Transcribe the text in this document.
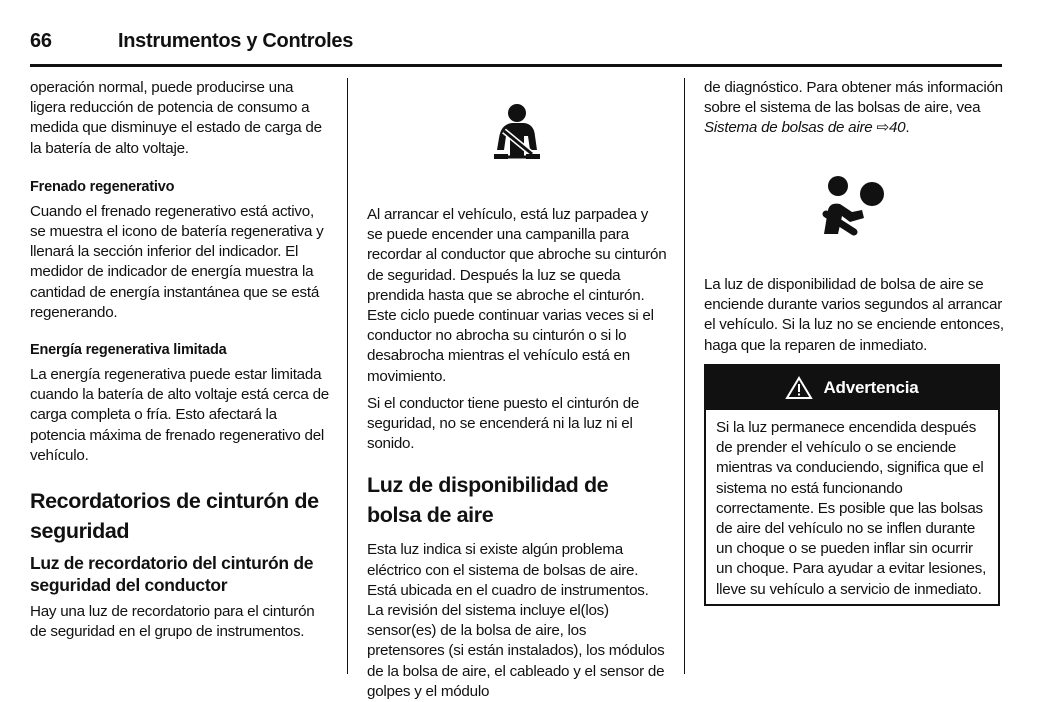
66	Instrumentos y Controles

operación normal, puede producirse una ligera reducción de potencia de consumo a medida que disminuye el estado de carga de la batería de alto voltaje.

Frenado regenerativo

Cuando el frenado regenerativo está activo, se muestra el icono de batería regenerativa y llenará la sección inferior del indicador. El medidor de indicador de energía muestra la cantidad de energía instantánea que se está regenerando.

Energía regenerativa limitada

La energía regenerativa puede estar limitada cuando la batería de alto voltaje está cerca de carga completa o fría. Esto afectará la potencia máxima de frenado regenerativo del vehículo.

Recordatorios de cinturón de seguridad

Luz de recordatorio del cinturón de seguridad del conductor

Hay una luz de recordatorio para el cinturón de seguridad en el grupo de instrumentos.

Al arrancar el vehículo, está luz parpadea y se puede encender una campanilla para recordar al conductor que abroche su cinturón de seguridad. Después la luz se queda prendida hasta que se abroche el cinturón. Este ciclo puede continuar varias veces si el conductor no abrocha su cinturón o si lo desabrocha mientras el vehículo está en movimiento.

Si el conductor tiene puesto el cinturón de seguridad, no se encenderá ni la luz ni el sonido.

Luz de disponibilidad de bolsa de aire

Esta luz indica si existe algún problema eléctrico con el sistema de bolsas de aire. Está ubicada en el cuadro de instrumentos. La revisión del sistema incluye el(los) sensor(es) de la bolsa de aire, los pretensores (si están instalados), los módulos de la bolsa de aire, el cableado y el sensor de golpes y el módulo

de diagnóstico. Para obtener más información sobre el sistema de las bolsas de aire, vea Sistema de bolsas de aire ⇨40.

La luz de disponibilidad de bolsa de aire se enciende durante varios segundos al arrancar el vehículo. Si la luz no se enciende entonces, haga que la reparen de inmediato.

Advertencia

Si la luz permanece encendida después de prender el vehículo o se enciende mientras va conduciendo, significa que el sistema no está funcionando correctamente. Es posible que las bolsas de aire del vehículo no se inflen durante un choque o se pueden inflar sin ocurrir un choque. Para ayudar a evitar lesiones, lleve su vehículo a servicio de inmediato.
